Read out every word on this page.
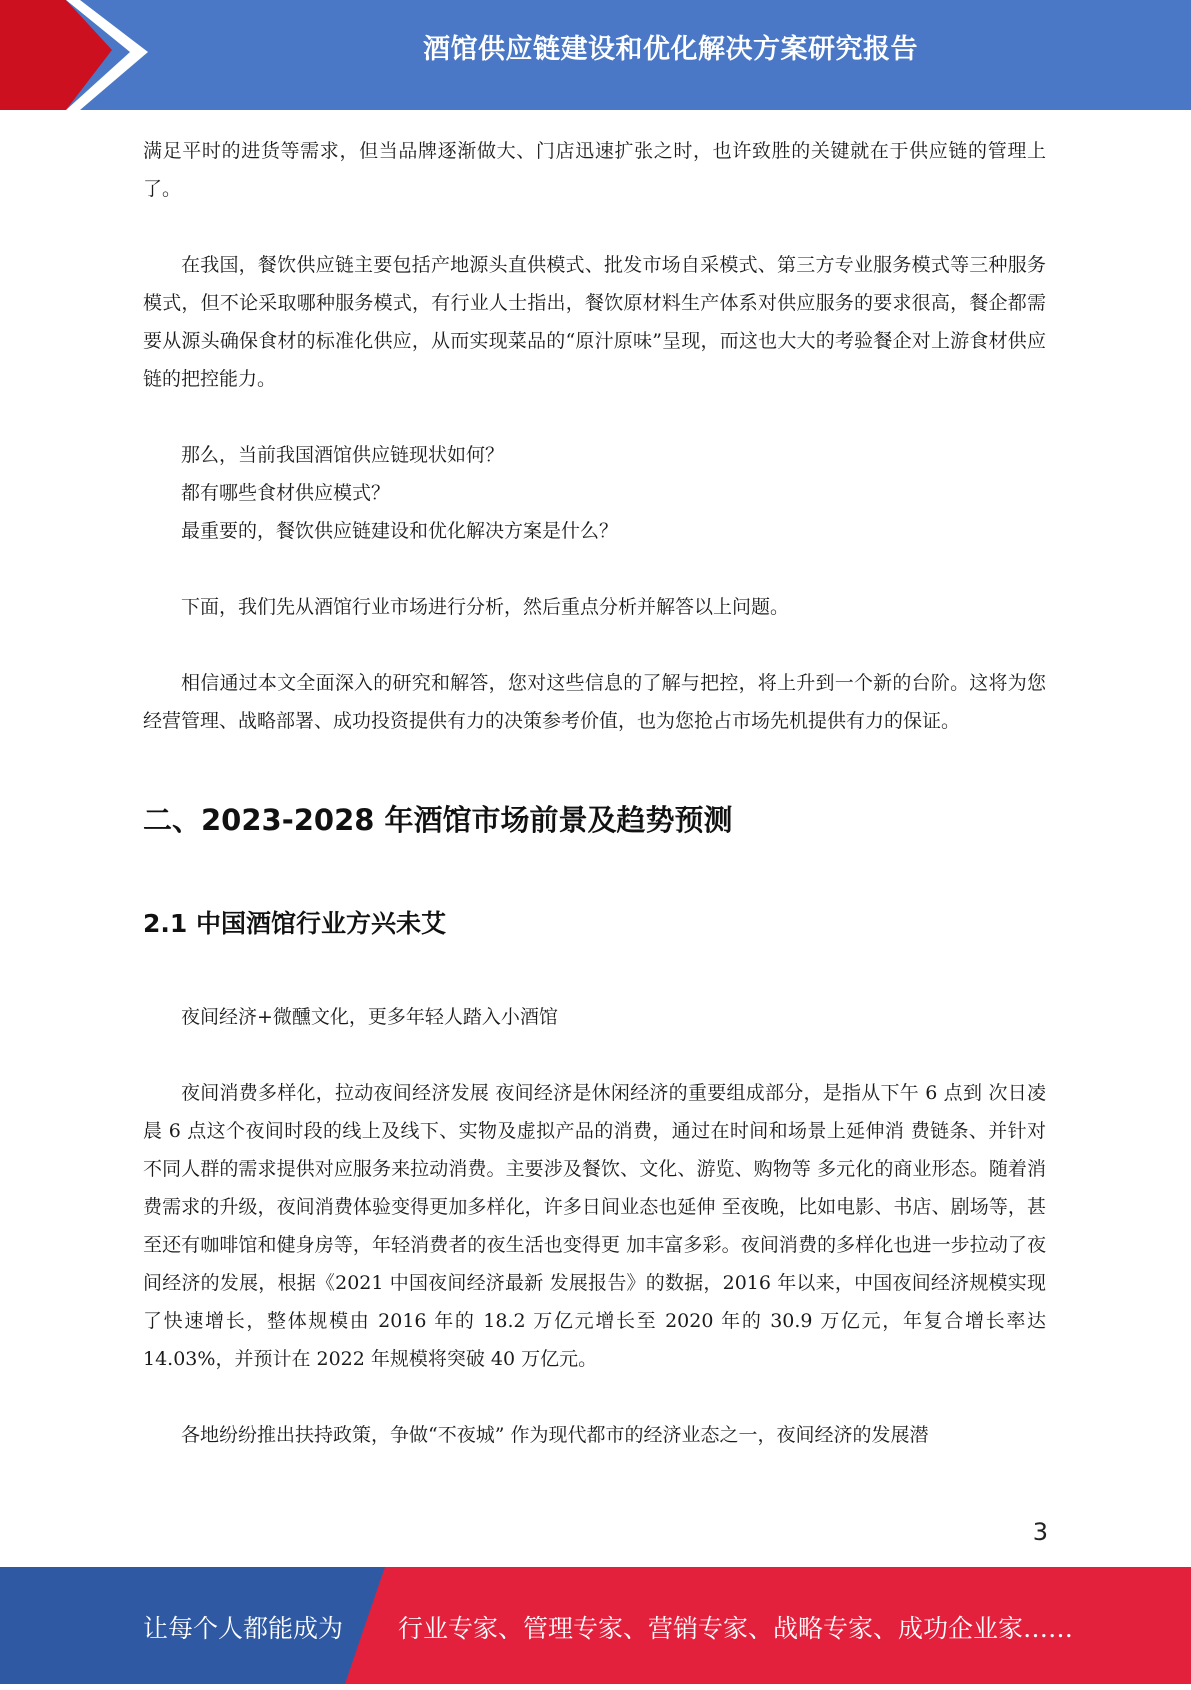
酒馆供应链建设和优化解决方案研究报告

满足平时的进货等需求，但当品牌逐渐做大、门店迅速扩张之时，也许致胜的关键就在于供应链的管理上了。

在我国，餐饮供应链主要包括产地源头直供模式、批发市场自采模式、第三方专业服务模式等三种服务模式，但不论采取哪种服务模式，有行业人士指出，餐饮原材料生产体系对供应服务的要求很高，餐企都需要从源头确保食材的标准化供应，从而实现菜品的“原汁原味”呈现，而这也大大的考验餐企对上游食材供应链的把控能力。

那么，当前我国酒馆供应链现状如何？

都有哪些食材供应模式？

最重要的，餐饮供应链建设和优化解决方案是什么？

下面，我们先从酒馆行业市场进行分析，然后重点分析并解答以上问题。

相信通过本文全面深入的研究和解答，您对这些信息的了解与把控，将上升到一个新的台阶。这将为您经营管理、战略部署、成功投资提供有力的决策参考价值，也为您抢占市场先机提供有力的保证。

二、2023-2028 年酒馆市场前景及趋势预测
2.1 中国酒馆行业方兴未艾

夜间经济+微醺文化，更多年轻人踏入小酒馆

夜间消费多样化，拉动夜间经济发展 夜间经济是休闲经济的重要组成部分，是指从下午 6 点到 次日凌晨 6 点这个夜间时段的线上及线下、实物及虚拟产品的消费，通过在时间和场景上延伸消 费链条、并针对不同人群的需求提供对应服务来拉动消费。主要涉及餐饮、文化、游览、购物等 多元化的商业形态。随着消费需求的升级，夜间消费体验变得更加多样化，许多日间业态也延伸 至夜晚，比如电影、书店、剧场等，甚至还有咖啡馆和健身房等，年轻消费者的夜生活也变得更 加丰富多彩。夜间消费的多样化也进一步拉动了夜间经济的发展，根据《2021 中国夜间经济最新 发展报告》的数据，2016 年以来，中国夜间经济规模实现了快速增长，整体规模由 2016 年的 18.2 万亿元增长至 2020 年的 30.9 万亿元，年复合增长率达 14.03%，并预计在 2022 年规模将突破 40 万亿元。

各地纷纷推出扶持政策，争做“不夜城” 作为现代都市的经济业态之一，夜间经济的发展潜

3
让每个人都能成为 行业专家、管理专家、营销专家、战略专家、成功企业家……
